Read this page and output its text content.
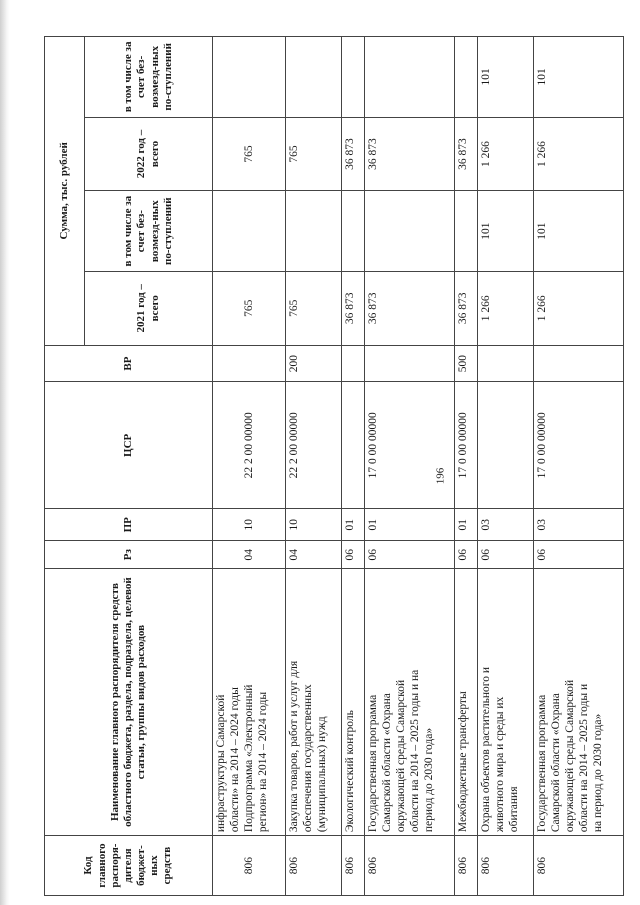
196
Код главного распоря-дителя бюджет-ных средств	Наименование главного распорядителя средств областного бюджета, раздела, подраздела, целевой статьи, группы видов расходов	Рз	ПР	ЦСР	ВР	Сумма, тыс. рублей			
						2021 год – всего	в том числе за счет без-возмезд-ных по-ступлений	2022 год – всего	в том числе за счет без-возмезд-ных по-ступлений

806	инфраструктуры Самарской области» на 2014 – 2024 годы Подпрограмма «Электронный регион» на 2014 – 2024 годы	04	10	22 2 00 00000		765		765	
806	Закупка товаров, работ и услуг для обеспечения государственных (муниципальных) нужд	04	10	22 2 00 00000	200	765		765	
806	Экологический контроль	06	01			36 873		36 873	
806	Государственная программа Самарской области «Охрана окружающей среды Самарской области на 2014 – 2025 годы и на период до 2030 года»	06	01	17 0 00 00000		36 873		36 873	
806	Межбюджетные трансферты	06	01	17 0 00 00000	500	36 873		36 873	
806	Охрана объектов растительного и животного мира и среды их обитания	06	03			1 266	101	1 266	101
806	Государственная программа Самарской области «Охрана окружающей среды Самарской области на 2014 – 2025 годы и на период до 2030 года»	06	03	17 0 00 00000		1 266	101	1 266	101
